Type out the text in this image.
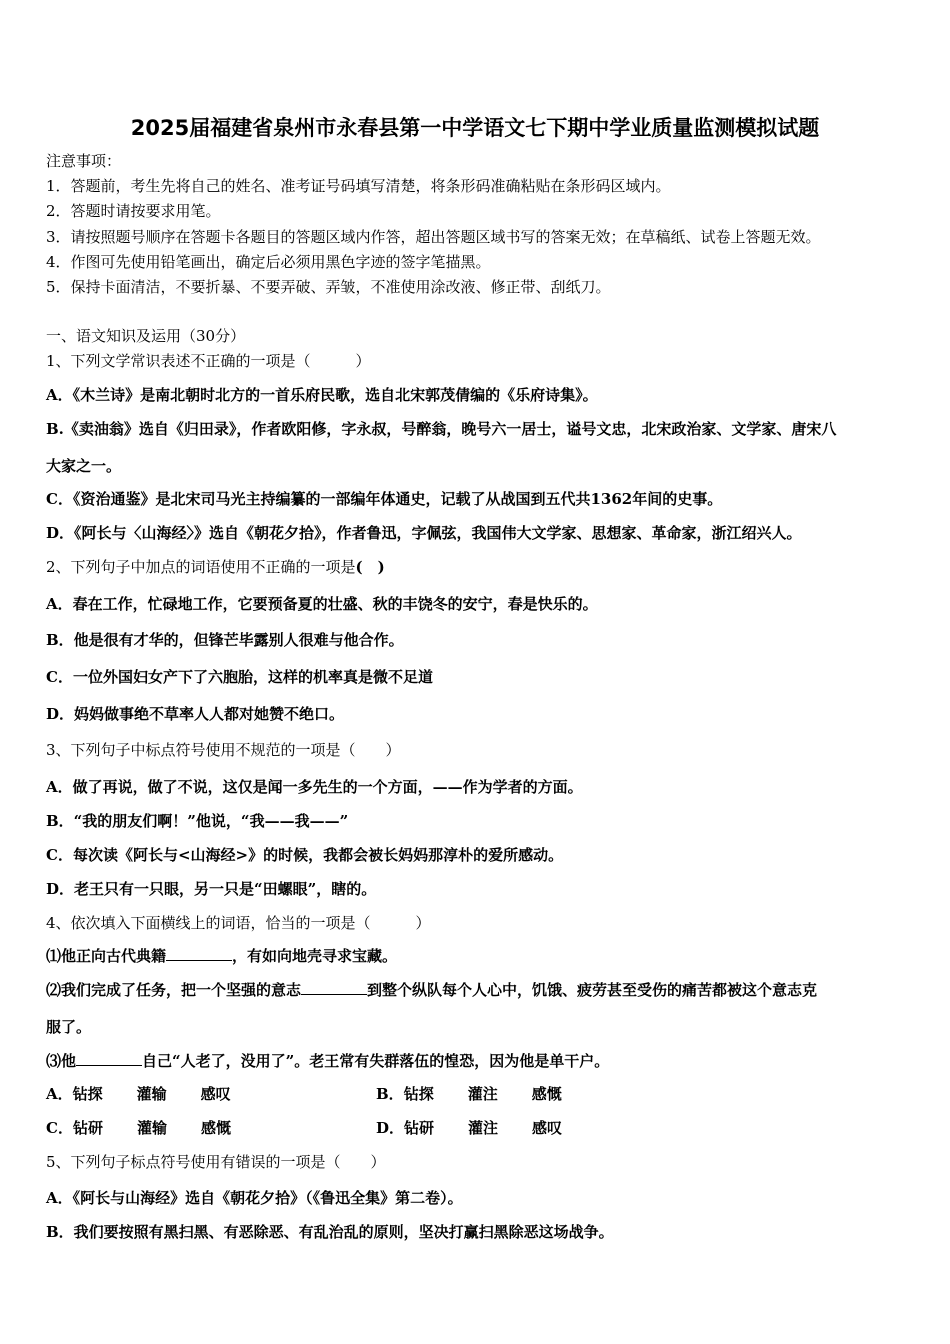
2025届福建省泉州市永春县第一中学语文七下期中学业质量监测模拟试题
注意事项：
1．答题前，考生先将自己的姓名、准考证号码填写清楚，将条形码准确粘贴在条形码区域内。
2．答题时请按要求用笔。
3．请按照题号顺序在答题卡各题目的答题区域内作答，超出答题区域书写的答案无效；在草稿纸、试卷上答题无效。
4．作图可先使用铅笔画出，确定后必须用黑色字迹的签字笔描黑。
5．保持卡面清洁，不要折暴、不要弄破、弄皱，不准使用涂改液、修正带、刮纸刀。
一、语文知识及运用（30分）
1、下列文学常识表述不正确的一项是（　　　）
A．《木兰诗》是南北朝时北方的一首乐府民歌，选自北宋郭茂倩编的《乐府诗集》。
B.《卖油翁》选自《归田录》，作者欧阳修，字永叔，号醉翁，晚号六一居士，谥号文忠，北宋政治家、文学家、唐宋八
大家之一。
C．《资治通鉴》是北宋司马光主持编纂的一部编年体通史，记载了从战国到五代共1362年间的史事。
D．《阿长与〈山海经〉》选自《朝花夕拾》，作者鲁迅，字佩弦，我国伟大文学家、思想家、革命家，浙江绍兴人。
2、下列句子中加点的词语使用不正确的一项是(　)
A．春在工作，忙碌地工作，它要预备夏的壮盛、秋的丰饶冬的安宁，春是快乐的。
B．他是很有才华的，但锋芒毕露别人很难与他合作。
C．一位外国妇女产下了六胞胎，这样的机率真是微不足道
D．妈妈做事绝不草率人人都对她赞不绝口。
3、下列句子中标点符号使用不规范的一项是（　　）
A．做了再说，做了不说，这仅是闻一多先生的一个方面，——作为学者的方面。
B．“我的朋友们啊！”他说，“我——我——”
C．每次读《阿长与<山海经>》的时候，我都会被长妈妈那淳朴的爱所感动。
D．老王只有一只眼，另一只是“田螺眼”，瞎的。
4、依次填入下面横线上的词语，恰当的一项是（　　　）
⑴他正向古代典籍	，有如向地壳寻求宝藏。
⑵我们完成了任务，把一个坚强的意志	到整个纵队每个人心中，饥饿、疲劳甚至受伤的痛苦都被这个意志克
服了。
⑶他	自己“人老了，没用了”。老王常有失群落伍的惶恐，因为他是单干户。
A．钻探 灌输 感叹	B．钻探 灌注 感慨
C．钻研 灌输 感慨	D．钻研 灌注 感叹
5、下列句子标点符号使用有错误的一项是（　　）
A．《阿长与山海经》选自《朝花夕拾》（《鲁迅全集》第二卷）。
B．我们要按照有黑扫黑、有恶除恶、有乱治乱的原则，坚决打赢扫黑除恶这场战争。
